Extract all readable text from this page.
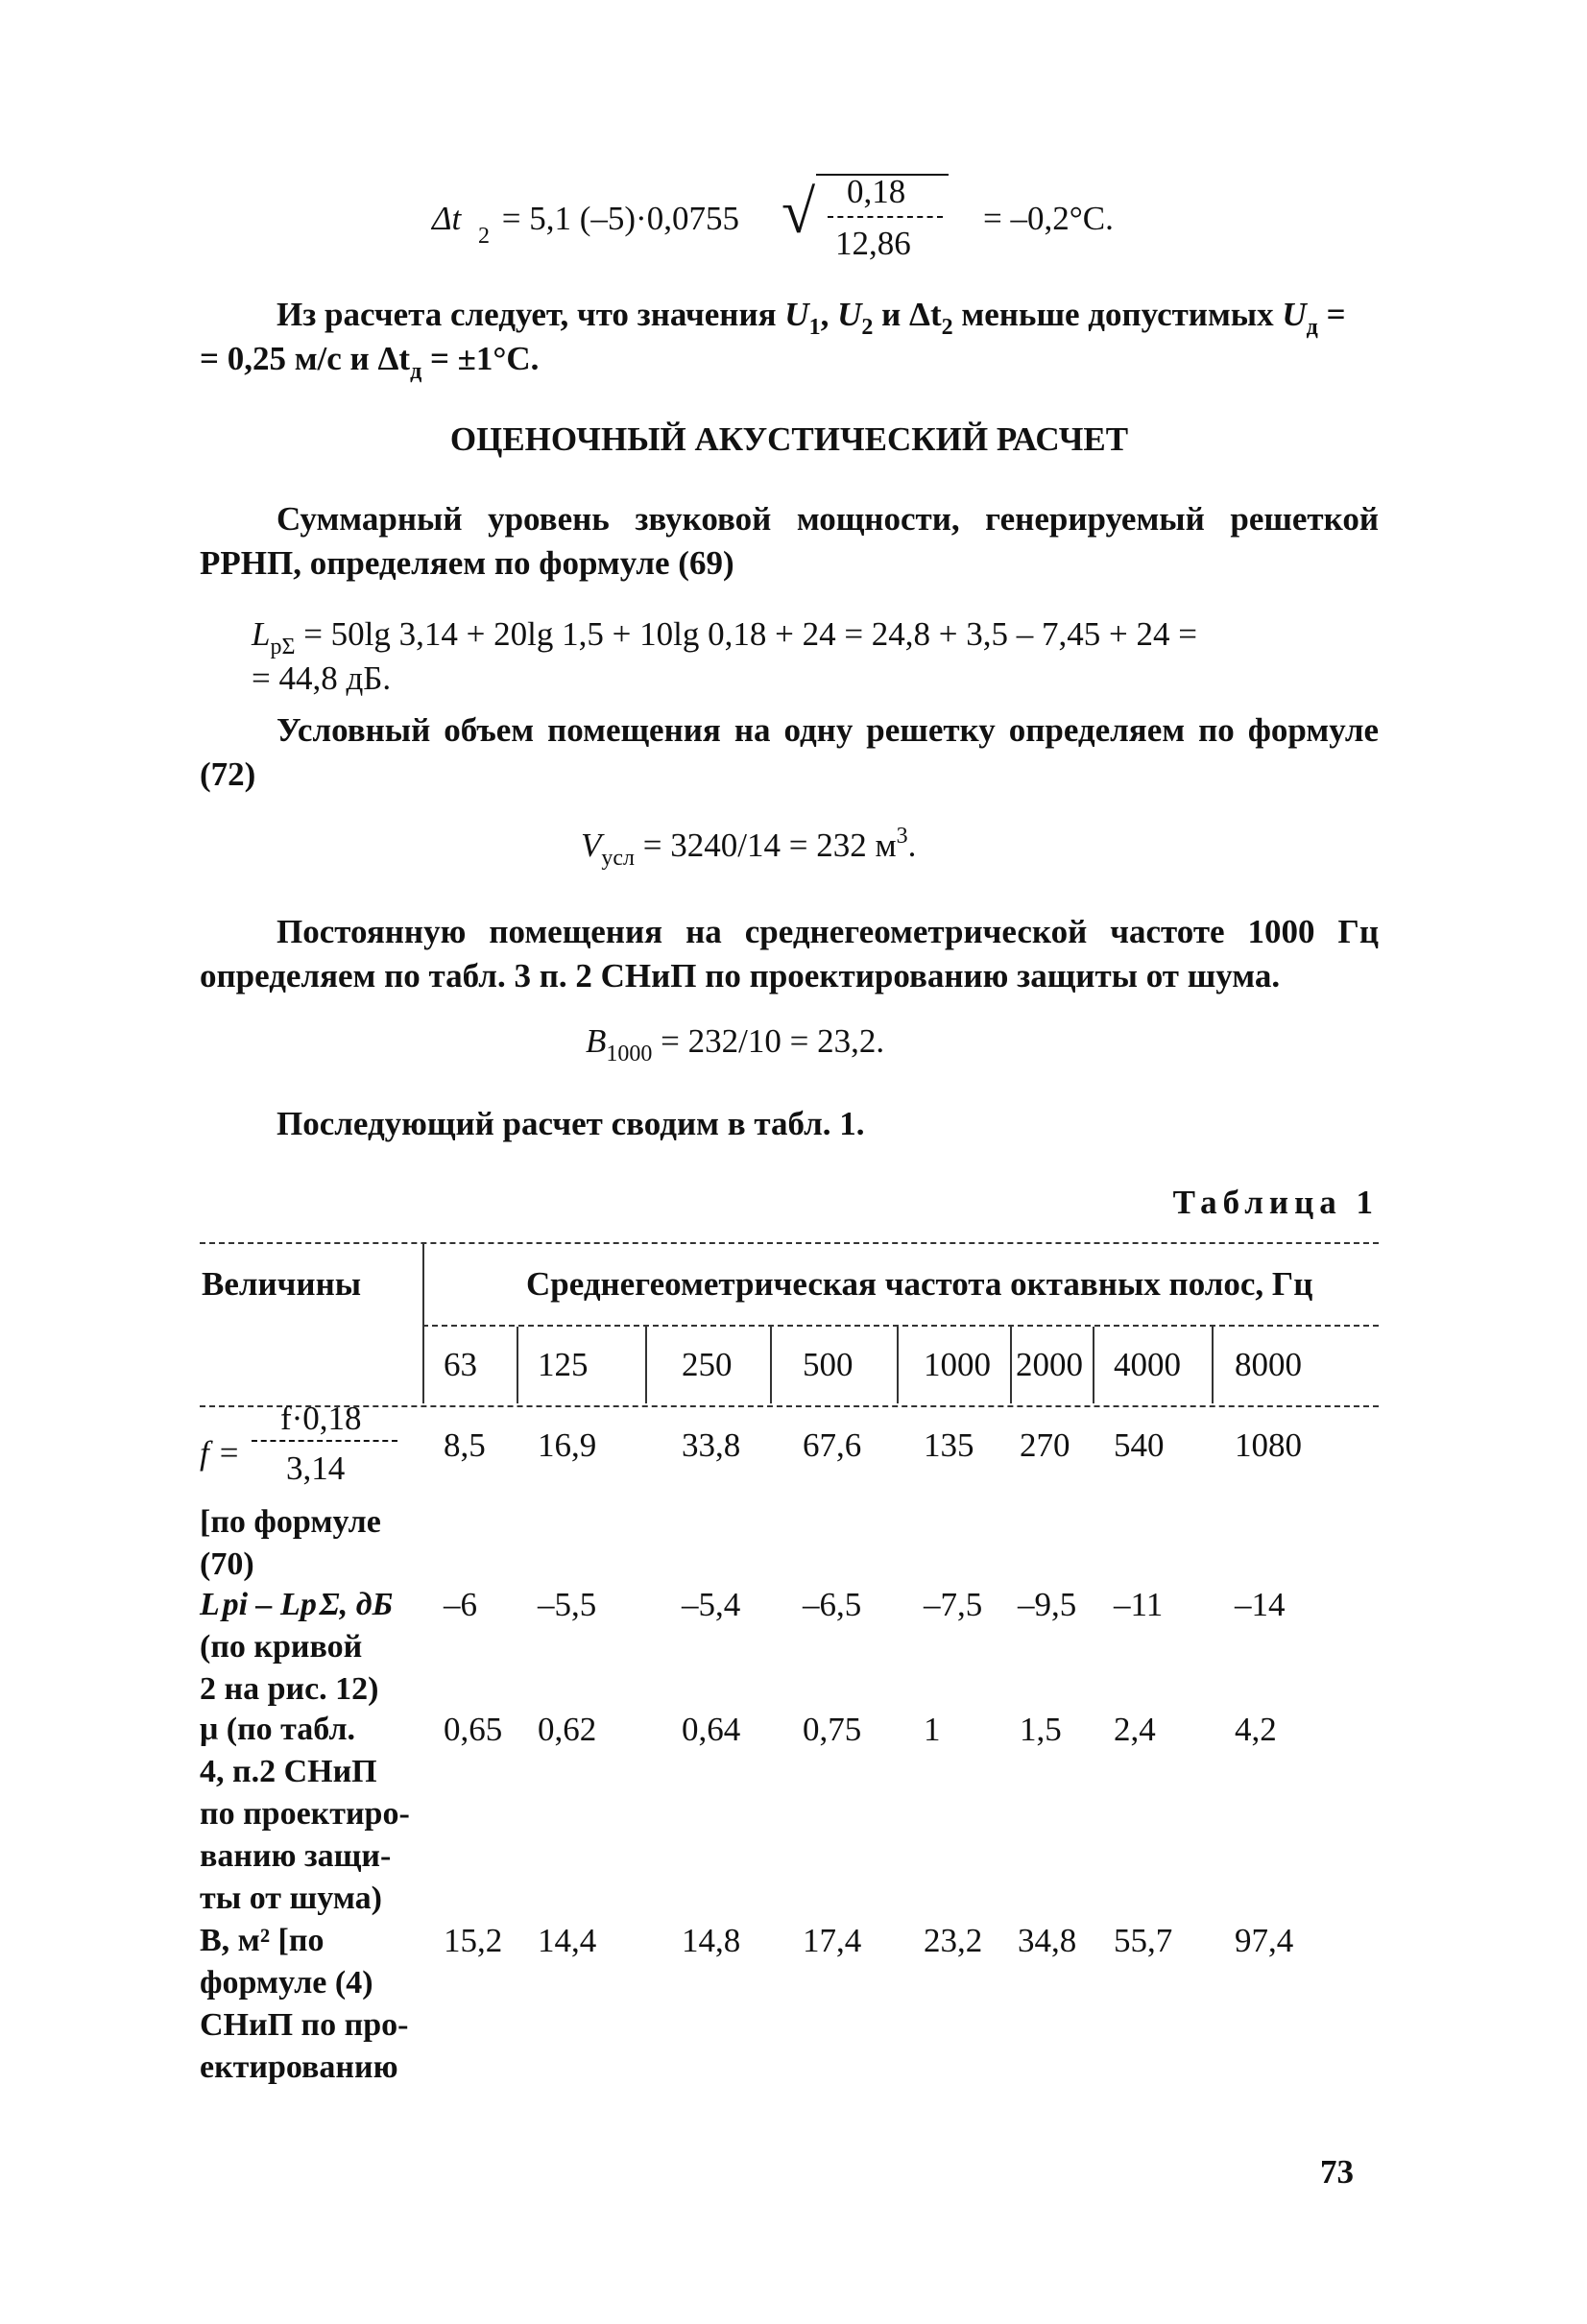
Δt 2 = 5,1 (–5)·0,0755 √ 0,18
12,86
= –0,2°C.
Из расчета следует, что значения $U_1$, $U_2$ и $\Delta t_2$ меньше допустимых $U_д$ =
= 0,25 м/с и $\Delta t_д = \pm 1^\circ С$.
ОЦЕНОЧНЫЙ АКУСТИЧЕСКИЙ РАСЧЕТ
Суммарный уровень звуковой мощности, генерируемый решеткой РРНП, определяем по формуле (69)
$L_{p\Sigma} = 50\lg$ 3,14 + 20lg 1,5 + 10lg 0,18 + 24 = 24,8 + 3,5 – 7,45 + 24 =
= 44,8 дБ.
Условный объем помещения на одну решетку определяем по формуле (72)
$V_{усл} = 3240/14 = 232$ $м^3$.
Постоянную помещения на среднегеометрической частоте 1000 Гц определяем по табл. 3 п. 2 СНиП по проектированию защиты от шума.
$B_{1000} = 232/10 = 23,2$.
Последующий расчет сводим в табл. 1.
Таблица 1
Величины	Среднегеометрическая частота октавных полос, Гц
63 125	250 500 1000 2000 4000 8000
f =
f·0,18
3,14
[по формуле
(70)
8,5 16,9	33,8 67,6 135 270 540 1080
L pi – Lp Σ, дБ
(по кривой
2 на рис. 12)
–6 –5,5	–5,4 –6,5 –7,5 –9,5 –11 –14
μ (по табл.
4, п.2 СНиП
по проектиро-
ванию защи-
ты от шума)
0,65 0,62	0,64 0,75 1 1,5 2,4 4,2
В, м² [по
формуле (4)
СНиП по про-
ектированию
15,2 14,4	14,8 17,4 23,2 34,8 55,7 97,4
73
